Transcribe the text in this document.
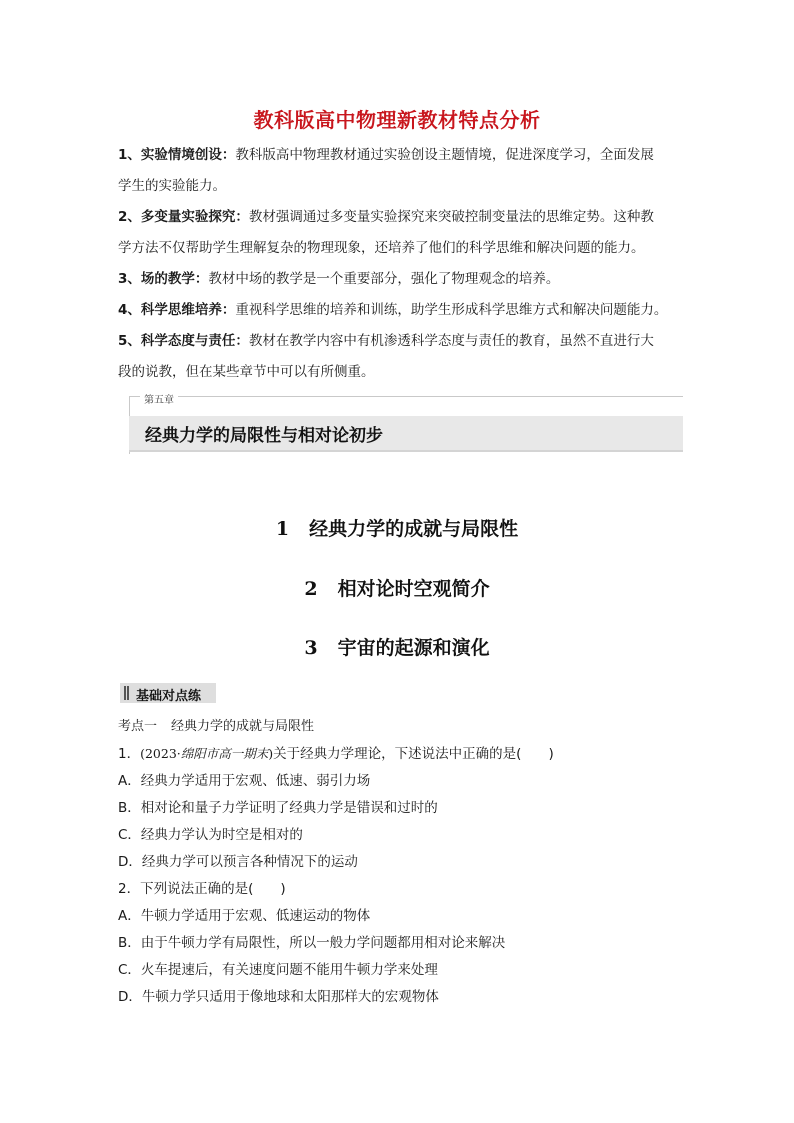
教科版高中物理新教材特点分析
1、实验情境创设：教科版高中物理教材通过实验创设主题情境，促进深度学习，全面发展
学生的实验能力。
2、多变量实验探究：教材强调通过多变量实验探究来突破控制变量法的思维定势。这种教
学方法不仅帮助学生理解复杂的物理现象，还培养了他们的科学思维和解决问题的能力。
3、场的教学：教材中场的教学是一个重要部分，强化了物理观念的培养。
4、科学思维培养：重视科学思维的培养和训练，助学生形成科学思维方式和解决问题能力。
5、科学态度与责任：教材在教学内容中有机渗透科学态度与责任的教育，虽然不直进行大
段的说教，但在某些章节中可以有所侧重。
经典力学的局限性与相对论初步
第五章
1 经典力学的成就与局限性
2 相对论时空观简介
3 宇宙的起源和演化
基础对点练
考点一 经典力学的成就与局限性
1．(2023·绵阳市高一期末)关于经典力学理论，下述说法中正确的是(　　)
A．经典力学适用于宏观、低速、弱引力场
B．相对论和量子力学证明了经典力学是错误和过时的
C．经典力学认为时空是相对的
D．经典力学可以预言各种情况下的运动
2．下列说法正确的是(　　)
A．牛顿力学适用于宏观、低速运动的物体
B．由于牛顿力学有局限性，所以一般力学问题都用相对论来解决
C．火车提速后，有关速度问题不能用牛顿力学来处理
D．牛顿力学只适用于像地球和太阳那样大的宏观物体
